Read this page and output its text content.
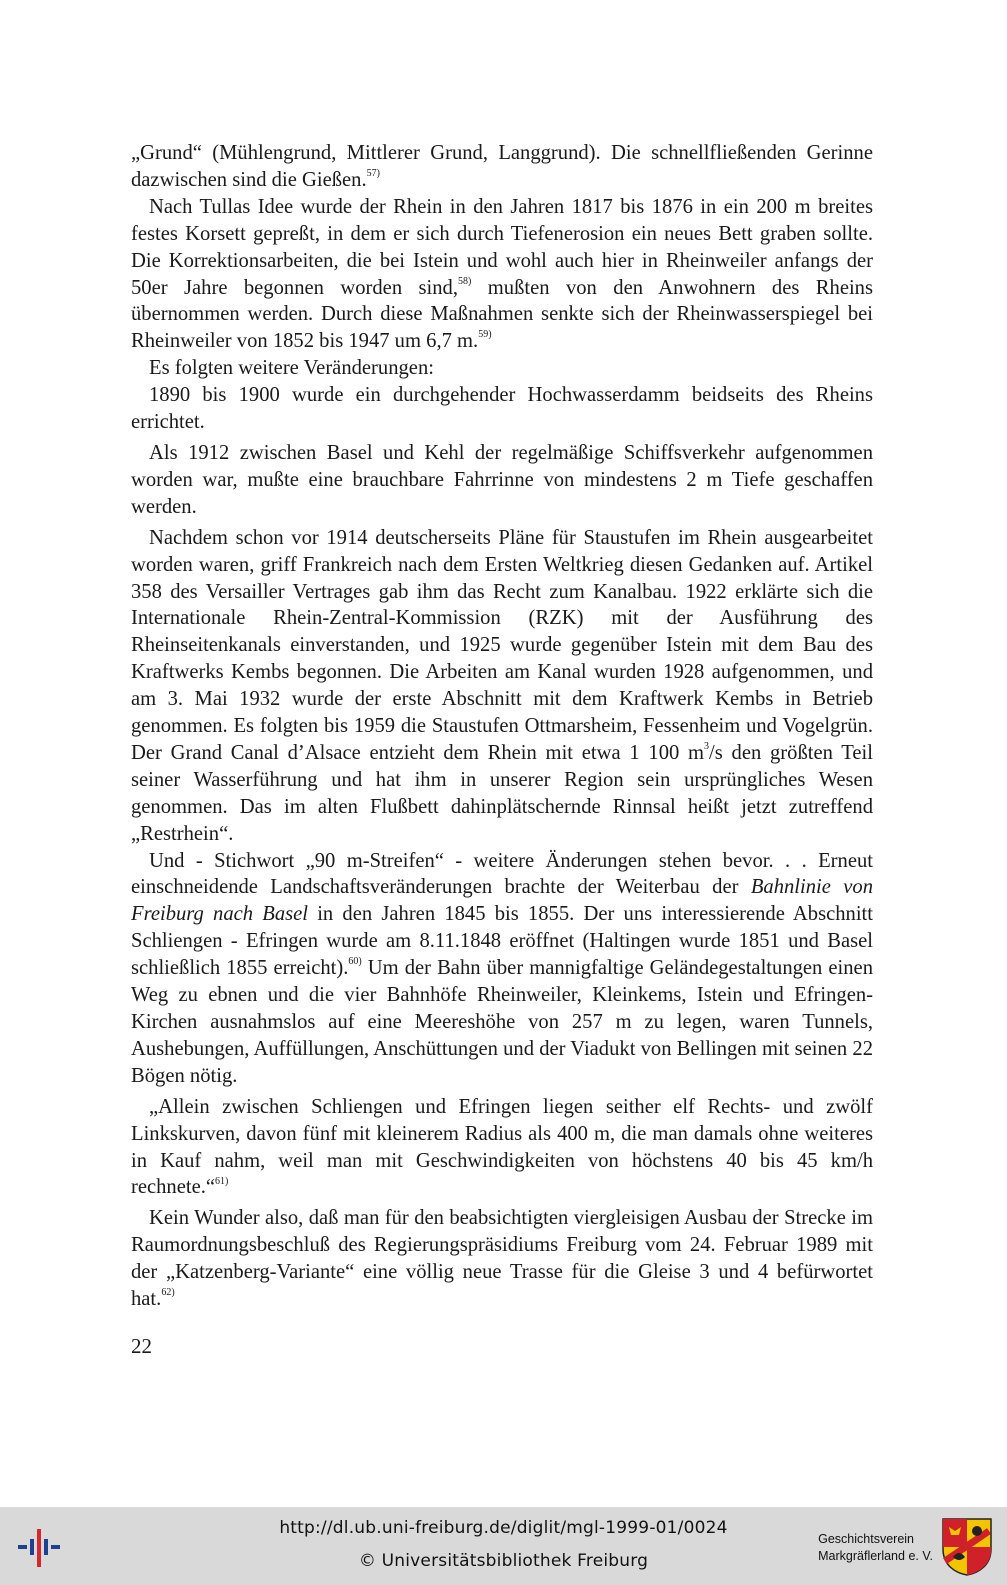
„Grund“ (Mühlengrund, Mittlerer Grund, Langgrund). Die schnellfließenden Gerinne dazwischen sind die Gießen.$^{57)}$

Nach Tullas Idee wurde der Rhein in den Jahren 1817 bis 1876 in ein 200 m breites festes Korsett gepreßt, in dem er sich durch Tiefenerosion ein neues Bett graben sollte. Die Korrektionsarbeiten, die bei Istein und wohl auch hier in Rheinweiler anfangs der 50er Jahre begonnen worden sind,$^{58)}$ mußten von den Anwohnern des Rheins übernommen werden. Durch diese Maßnahmen senkte sich der Rheinwasserspiegel bei Rheinweiler von 1852 bis 1947 um 6,7 m.$^{59)}$

Es folgten weitere Veränderungen:

1890 bis 1900 wurde ein durchgehender Hochwasserdamm beidseits des Rheins errichtet.

Als 1912 zwischen Basel und Kehl der regelmäßige Schiffsverkehr aufgenommen worden war, mußte eine brauchbare Fahrrinne von mindestens 2 m Tiefe geschaffen werden.

Nachdem schon vor 1914 deutscherseits Pläne für Staustufen im Rhein ausgearbeitet worden waren, griff Frankreich nach dem Ersten Weltkrieg diesen Gedanken auf. Artikel 358 des Versailler Vertrages gab ihm das Recht zum Kanalbau. 1922 erklärte sich die Internationale Rhein-Zentral-Kommission (RZK) mit der Ausführung des Rheinseitenkanals einverstanden, und 1925 wurde gegenüber Istein mit dem Bau des Kraftwerks Kembs begonnen. Die Arbeiten am Kanal wurden 1928 aufgenommen, und am 3. Mai 1932 wurde der erste Abschnitt mit dem Kraftwerk Kembs in Betrieb genommen. Es folgten bis 1959 die Staustufen Ottmarsheim, Fessenheim und Vogelgrün. Der Grand Canal d’Alsace entzieht dem Rhein mit etwa 1 100 $m^3/s$ den größten Teil seiner Wasserführung und hat ihm in unserer Region sein ursprüngliches Wesen genommen. Das im alten Flußbett dahinplätschernde Rinnsal heißt jetzt zutreffend „Restrhein“.

Und - Stichwort „90 m-Streifen“ - weitere Änderungen stehen bevor. . . Erneut einschneidende Landschaftsveränderungen brachte der Weiterbau der Bahnlinie von Freiburg nach Basel in den Jahren 1845 bis 1855. Der uns interessierende Abschnitt Schliengen - Efringen wurde am 8.11.1848 eröffnet (Haltingen wurde 1851 und Basel schließlich 1855 erreicht).$^{60)}$ Um der Bahn über mannigfaltige Geländegestaltungen einen Weg zu ebnen und die vier Bahnhöfe Rheinweiler, Kleinkems, Istein und Efringen-Kirchen ausnahmslos auf eine Meereshöhe von 257 m zu legen, waren Tunnels, Aushebungen, Auffüllungen, Anschüttungen und der Viadukt von Bellingen mit seinen 22 Bögen nötig.

„Allein zwischen Schliengen und Efringen liegen seither elf Rechts- und zwölf Linkskurven, davon fünf mit kleinerem Radius als 400 m, die man damals ohne weiteres in Kauf nahm, weil man mit Geschwindigkeiten von höchstens 40 bis 45 km/h rechnete.“$^{61)}$

Kein Wunder also, daß man für den beabsichtigten viergleisigen Ausbau der Strecke im Raumordnungsbeschluß des Regierungspräsidiums Freiburg vom 24. Februar 1989 mit der „Katzenberg-Variante“ eine völlig neue Trasse für die Gleise 3 und 4 befürwortet hat.$^{62)}$

22
http://dl.ub.uni-freiburg.de/diglit/mgl-1999-01/0024
© Universitätsbibliothek Freiburg
Geschichtsverein
Markgräflerland e. V.
